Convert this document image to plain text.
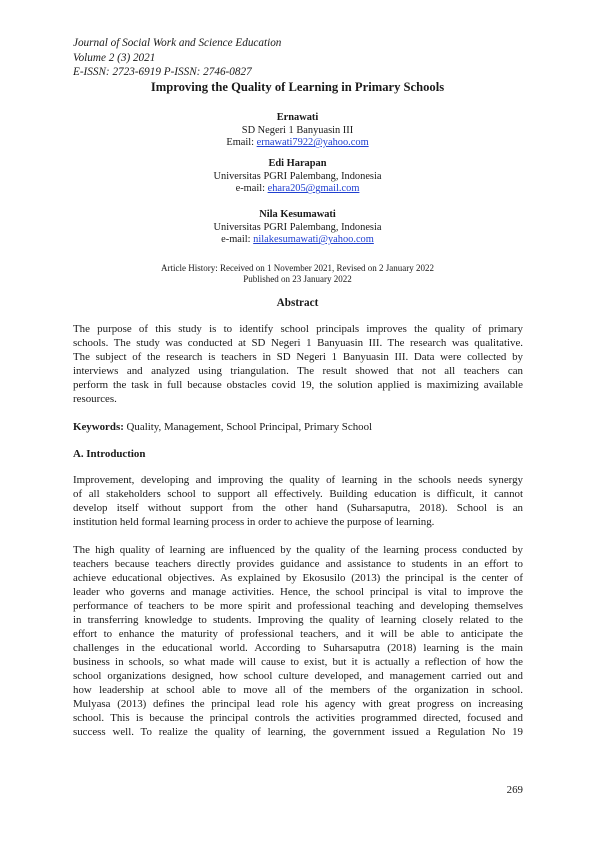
Journal of Social Work and Science Education
Volume 2 (3) 2021
E-ISSN: 2723-6919 P-ISSN: 2746-0827
Improving the Quality of Learning in Primary Schools
Ernawati
SD Negeri 1 Banyuasin III
Email: ernawati7922@yahoo.com
Edi Harapan
Universitas PGRI Palembang, Indonesia
e-mail: ehara205@gmail.com
Nila Kesumawati
Universitas PGRI Palembang, Indonesia
e-mail: nilakesumawati@yahoo.com
Article History: Received on 1 November 2021, Revised on 2 January 2022
Published on 23 January 2022
Abstract
The purpose of this study is to identify school principals improves the quality of primary
schools. The study was conducted at SD Negeri 1 Banyuasin III. The research was qualitative.
The subject of the research is teachers in SD Negeri 1 Banyuasin III. Data were collected by
interviews and analyzed using triangulation. The result showed that not all teachers can
perform the task in full because obstacles covid 19, the solution applied is maximizing available
resources.
Keywords: Quality, Management, School Principal, Primary School
A. Introduction
Improvement, developing and improving the quality of learning in the schools needs synergy
of all stakeholders school to support all effectively. Building education is difficult, it cannot
develop itself without support from the other hand (Suharsaputra, 2018). School is an
institution held formal learning process in order to achieve the purpose of learning.
The high quality of learning are influenced by the quality of the learning process conducted by
teachers because teachers directly provides guidance and assistance to students in an effort to
achieve educational objectives. As explained by Ekosusilo (2013) the principal is the center of
leader who governs and manage activities. Hence, the school principal is vital to improve the
performance of teachers to be more spirit and professional teaching and developing themselves
in transferring knowledge to students. Improving the quality of learning closely related to the
effort to enhance the maturity of professional teachers, and it will be able to anticipate the
challenges in the educational world. According to Suharsaputra (2018) learning is the main
business in schools, so what made will cause to exist, but it is actually a reflection of how the
school organizations designed, how school culture developed, and management carried out and
how leadership at school able to move all of the members of the organization in school.
Mulyasa (2013) defines the principal lead role his agency with great progress on increasing
school. This is because the principal controls the activities programmed directed, focused and
success well. To realize the quality of learning, the government issued a Regulation No 19
269
